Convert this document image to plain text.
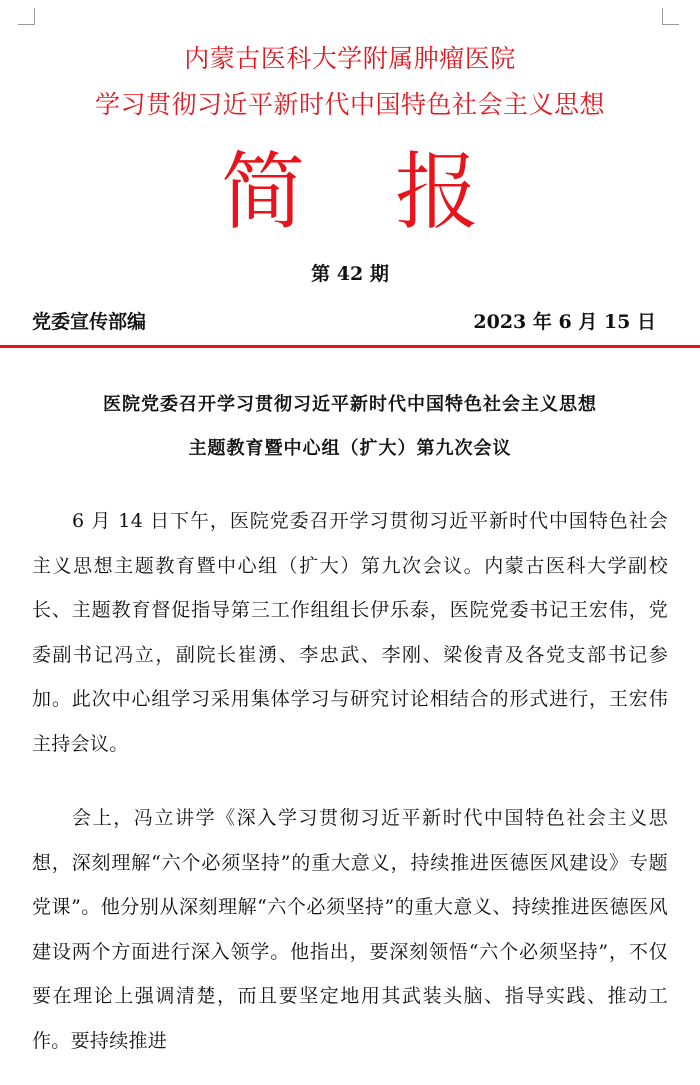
内蒙古医科大学附属肿瘤医院
学习贯彻习近平新时代中国特色社会主义思想
简报
第 42 期
党委宣传部编	2023 年 6 月 15 日
医院党委召开学习贯彻习近平新时代中国特色社会主义思想
主题教育暨中心组（扩大）第九次会议

6 月 14 日下午，医院党委召开学习贯彻习近平新时代中国特色社会主义思想主题教育暨中心组（扩大）第九次会议。内蒙古医科大学副校长、主题教育督促指导第三工作组组长伊乐泰，医院党委书记王宏伟，党委副书记冯立，副院长崔湧、李忠武、李刚、梁俊青及各党支部书记参加。此次中心组学习采用集体学习与研究讨论相结合的形式进行，王宏伟主持会议。

会上，冯立讲学《深入学习贯彻习近平新时代中国特色社会主义思想，深刻理解“六个必须坚持”的重大意义，持续推进医德医风建设》专题党课”。他分别从深刻理解“六个必须坚持”的重大意义、持续推进医德医风建设两个方面进行深入领学。他指出，要深刻领悟“六个必须坚持”，不仅要在理论上强调清楚，而且要坚定地用其武装头脑、指导实践、推动工作。要持续推进
